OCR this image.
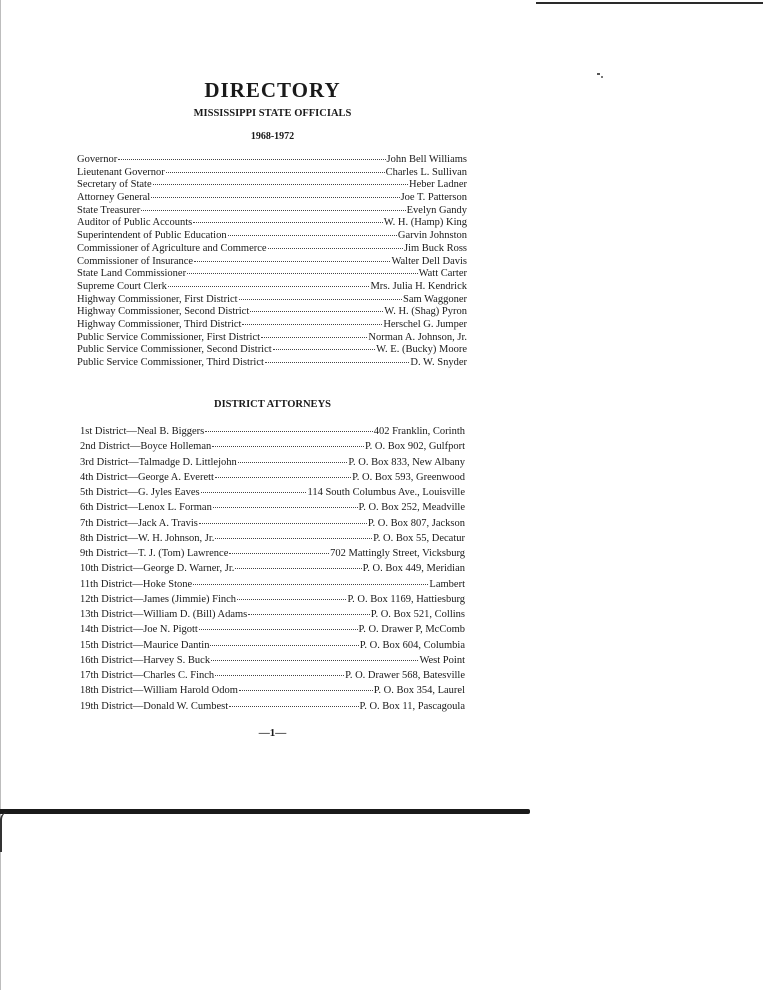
DIRECTORY
MISSISSIPPI STATE OFFICIALS
1968-1972
Governor	John Bell Williams
Lieutenant Governor	Charles L. Sullivan
Secretary of State	Heber Ladner
Attorney General	Joe T. Patterson
State Treasurer	Evelyn Gandy
Auditor of Public Accounts	W. H. (Hamp) King
Superintendent of Public Education	Garvin Johnston
Commissioner of Agriculture and Commerce	Jim Buck Ross
Commissioner of Insurance	Walter Dell Davis
State Land Commissioner	Watt Carter
Supreme Court Clerk	Mrs. Julia H. Kendrick
Highway Commissioner, First District	Sam Waggoner
Highway Commissioner, Second District	W. H. (Shag) Pyron
Highway Commissioner, Third District	Herschel G. Jumper
Public Service Commissioner, First District	Norman A. Johnson, Jr.
Public Service Commissioner, Second District	W. E. (Bucky) Moore
Public Service Commissioner, Third District	D. W. Snyder
DISTRICT ATTORNEYS
1st District—Neal B. Biggers	402 Franklin, Corinth
2nd District—Boyce Holleman	P. O. Box 902, Gulfport
3rd District—Talmadge D. Littlejohn	P. O. Box 833, New Albany
4th District—George A. Everett	P. O. Box 593, Greenwood
5th District—G. Jyles Eaves	114 South Columbus Ave., Louisville
6th District—Lenox L. Forman	P. O. Box 252, Meadville
7th District—Jack A. Travis	P. O. Box 807, Jackson
8th District—W. H. Johnson, Jr.	P. O. Box 55, Decatur
9th District—T. J. (Tom) Lawrence	702 Mattingly Street, Vicksburg
10th District—George D. Warner, Jr.	P. O. Box 449, Meridian
11th District—Hoke Stone	Lambert
12th District—James (Jimmie) Finch	P. O. Box 1169, Hattiesburg
13th District—William D. (Bill) Adams	P. O. Box 521, Collins
14th District—Joe N. Pigott	P. O. Drawer P, McComb
15th District—Maurice Dantin	P. O. Box 604, Columbia
16th District—Harvey S. Buck	West Point
17th District—Charles C. Finch	P. O. Drawer 568, Batesville
18th District—William Harold Odom	P. O. Box 354, Laurel
19th District—Donald W. Cumbest	P. O. Box 11, Pascagoula
—1—
